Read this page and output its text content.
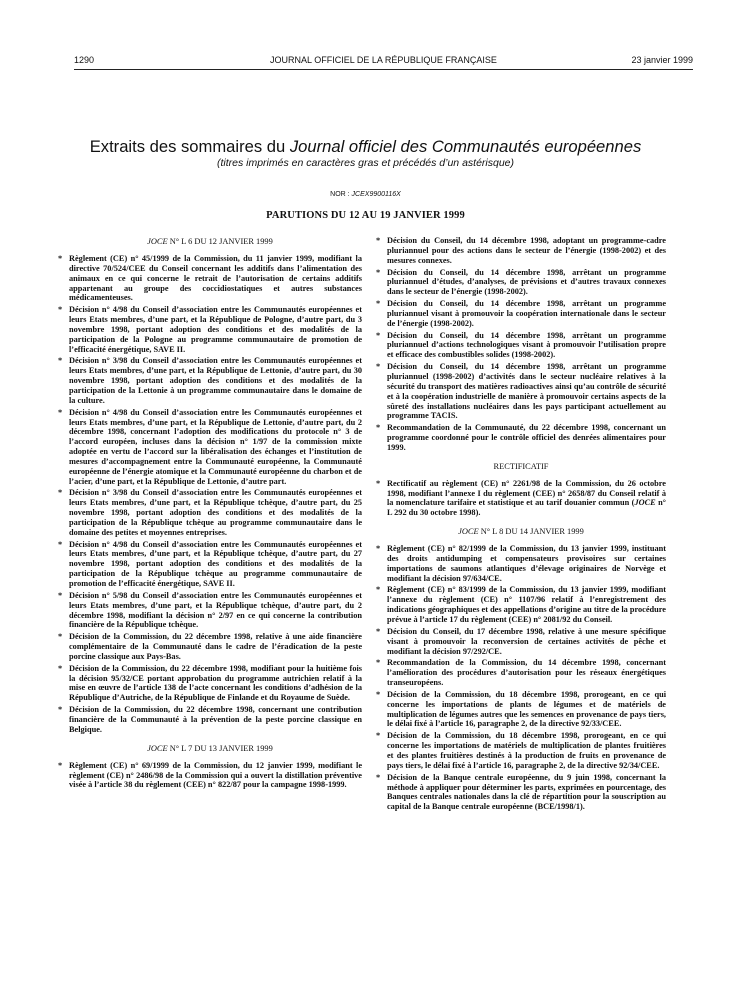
1290	JOURNAL OFFICIEL DE LA RÉPUBLIQUE FRANÇAISE	23 janvier 1999
Extraits des sommaires du Journal officiel des Communautés européennes
(titres imprimés en caractères gras et précédés d’un astérisque)
NOR : JCEX9900116X
PARUTIONS DU 12 AU 19 JANVIER 1999
JOCE N° L 6 DU 12 JANVIER 1999
* Règlement (CE) n° 45/1999 de la Commission, du 11 janvier 1999, modifiant la directive 70/524/CEE du Conseil concernant les additifs dans l’alimentation des animaux en ce qui concerne le retrait de l’autorisation de certains additifs appartenant au groupe des coccidiostatiques et autres substances médicamenteuses.
* Décision n° 4/98 du Conseil d’association entre les Communautés européennes et leurs Etats membres, d’une part, et la République de Pologne, d’autre part, du 3 novembre 1998, portant adoption des conditions et des modalités de la participation de la Pologne au programme communautaire de promotion de l’efficacité énergétique, SAVE II.
* Décision n° 3/98 du Conseil d’association entre les Communautés européennes et leurs Etats membres, d’une part, et la République de Lettonie, d’autre part, du 30 novembre 1998, portant adoption des conditions et des modalités de la participation de la Lettonie à un programme communautaire dans le domaine de la culture.
* Décision n° 4/98 du Conseil d’association entre les Communautés européennes et leurs Etats membres, d’une part, et la République de Lettonie, d’autre part, du 2 décembre 1998, concernant l’adoption des modifications du protocole n° 3 de l’accord européen, incluses dans la décision n° 1/97 de la commission mixte adoptée en vertu de l’accord sur la libéralisation des échanges et l’institution de mesures d’accompagnement entre la Communauté européenne, la Communauté européenne de l’énergie atomique et la Communauté européenne du charbon et de l’acier, d’une part, et la République de Lettonie, d’autre part.
* Décision n° 3/98 du Conseil d’association entre les Communautés européennes et leurs Etats membres, d’une part, et la République tchèque, d’autre part, du 25 novembre 1998, portant adoption des conditions et des modalités de la participation de la République tchèque au programme communautaire dans le domaine des petites et moyennes entreprises.
* Décision n° 4/98 du Conseil d’association entre les Communautés européennes et leurs Etats membres, d’une part, et la République tchèque, d’autre part, du 27 novembre 1998, portant adoption des conditions et des modalités de la participation de la République tchèque au programme communautaire de promotion de l’efficacité énergétique, SAVE II.
* Décision n° 5/98 du Conseil d’association entre les Communautés européennes et leurs Etats membres, d’une part, et la République tchèque, d’autre part, du 2 décembre 1998, modifiant la décision n° 2/97 en ce qui concerne la contribution financière de la République tchèque.
* Décision de la Commission, du 22 décembre 1998, relative à une aide financière complémentaire de la Communauté dans le cadre de l’éradication de la peste porcine classique aux Pays-Bas.
* Décision de la Commission, du 22 décembre 1998, modifiant pour la huitième fois la décision 95/32/CE portant approbation du programme autrichien relatif à la mise en œuvre de l’article 138 de l’acte concernant les conditions d’adhésion de la République d’Autriche, de la République de Finlande et du Royaume de Suède.
* Décision de la Commission, du 22 décembre 1998, concernant une contribution financière de la Communauté à la prévention de la peste porcine classique en Belgique.
JOCE N° L 7 DU 13 JANVIER 1999
* Règlement (CE) n° 69/1999 de la Commission, du 12 janvier 1999, modifiant le règlement (CE) n° 2486/98 de la Commission qui a ouvert la distillation préventive visée à l’article 38 du règlement (CEE) n° 822/87 pour la campagne 1998-1999.
* Décision du Conseil, du 14 décembre 1998, adoptant un programme-cadre pluriannuel pour des actions dans le secteur de l’énergie (1998-2002) et des mesures connexes.
* Décision du Conseil, du 14 décembre 1998, arrêtant un programme pluriannuel d’études, d’analyses, de prévisions et d’autres travaux connexes dans le secteur de l’énergie (1998-2002).
* Décision du Conseil, du 14 décembre 1998, arrêtant un programme pluriannuel visant à promouvoir la coopération internationale dans le secteur de l’énergie (1998-2002).
* Décision du Conseil, du 14 décembre 1998, arrêtant un programme pluriannuel d’actions technologiques visant à promouvoir l’utilisation propre et efficace des combustibles solides (1998-2002).
* Décision du Conseil, du 14 décembre 1998, arrêtant un programme pluriannuel (1998-2002) d’activités dans le secteur nucléaire relatives à la sécurité du transport des matières radioactives ainsi qu’au contrôle de sécurité et à la coopération industrielle de manière à promouvoir certains aspects de la sûreté des installations nucléaires dans les pays participant actuellement au programme TACIS.
* Recommandation de la Communauté, du 22 décembre 1998, concernant un programme coordonné pour le contrôle officiel des denrées alimentaires pour 1999.
RECTIFICATIF
* Rectificatif au règlement (CE) n° 2261/98 de la Commission, du 26 octobre 1998, modifiant l’annexe I du règlement (CEE) n° 2658/87 du Conseil relatif à la nomenclature tarifaire et statistique et au tarif douanier commun (JOCE n° L 292 du 30 octobre 1998).
JOCE N° L 8 DU 14 JANVIER 1999
* Règlement (CE) n° 82/1999 de la Commission, du 13 janvier 1999, instituant des droits antidumping et compensateurs provisoires sur certaines importations de saumons atlantiques d’élevage originaires de Norvège et modifiant la décision 97/634/CE.
* Règlement (CE) n° 83/1999 de la Commission, du 13 janvier 1999, modifiant l’annexe du règlement (CE) n° 1107/96 relatif à l’enregistrement des indications géographiques et des appellations d’origine au titre de la procédure prévue à l’article 17 du règlement (CEE) n° 2081/92 du Conseil.
* Décision du Conseil, du 17 décembre 1998, relative à une mesure spécifique visant à promouvoir la reconversion de certaines activités de pêche et modifiant la décision 97/292/CE.
* Recommandation de la Commission, du 14 décembre 1998, concernant l’amélioration des procédures d’autorisation pour les réseaux énergétiques transeuropéens.
* Décision de la Commission, du 18 décembre 1998, prorogeant, en ce qui concerne les importations de plants de légumes et de matériels de multiplication de légumes autres que les semences en provenance de pays tiers, le délai fixé à l’article 16, paragraphe 2, de la directive 92/33/CEE.
* Décision de la Commission, du 18 décembre 1998, prorogeant, en ce qui concerne les importations de matériels de multiplication de plantes fruitières et des plantes fruitières destinés à la production de fruits en provenance de pays tiers, le délai fixé à l’article 16, paragraphe 2, de la directive 92/34/CEE.
* Décision de la Banque centrale européenne, du 9 juin 1998, concernant la méthode à appliquer pour déterminer les parts, exprimées en pourcentage, des Banques centrales nationales dans la clé de répartition pour la souscription au capital de la Banque centrale européenne (BCE/1998/1).
